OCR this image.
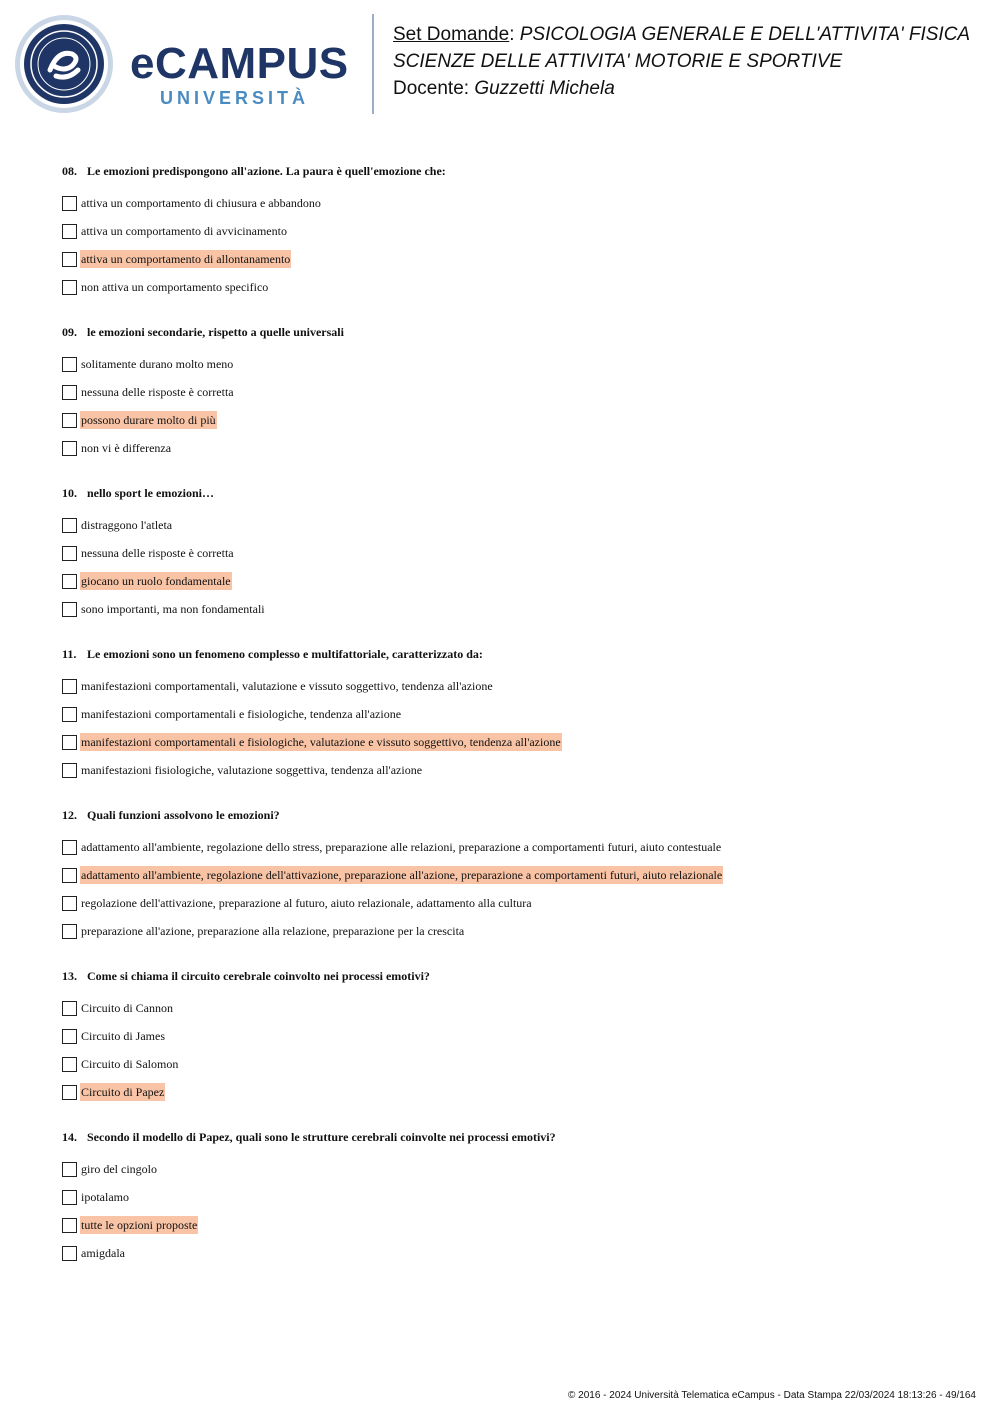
eCAMPUS
UNIVERSITÀ
Set Domande: PSICOLOGIA GENERALE E DELL'ATTIVITA' FISICA
SCIENZE DELLE ATTIVITA' MOTORIE E SPORTIVE
Docente: Guzzetti Michela
08. Le emozioni predispongono all'azione. La paura è quell'emozione che:
attiva un comportamento di chiusura e abbandono
attiva un comportamento di avvicinamento
attiva un comportamento di allontanamento
non attiva un comportamento specifico
09. le emozioni secondarie, rispetto a quelle universali
solitamente durano molto meno
nessuna delle risposte è corretta
possono durare molto di più
non vi è differenza
10. nello sport le emozioni…
distraggono l'atleta
nessuna delle risposte è corretta
giocano un ruolo fondamentale
sono importanti, ma non fondamentali
11. Le emozioni sono un fenomeno complesso e multifattoriale, caratterizzato da:
manifestazioni comportamentali, valutazione e vissuto soggettivo, tendenza all'azione
manifestazioni comportamentali e fisiologiche, tendenza all'azione
manifestazioni comportamentali e fisiologiche, valutazione e vissuto soggettivo, tendenza all'azione
manifestazioni fisiologiche, valutazione soggettiva, tendenza all'azione
12. Quali funzioni assolvono le emozioni?
adattamento all'ambiente, regolazione dello stress, preparazione alle relazioni, preparazione a comportamenti futuri, aiuto contestuale
adattamento all'ambiente, regolazione dell'attivazione, preparazione all'azione, preparazione a comportamenti futuri, aiuto relazionale
regolazione dell'attivazione, preparazione al futuro, aiuto relazionale, adattamento alla cultura
preparazione all'azione, preparazione alla relazione, preparazione per la crescita
13. Come si chiama il circuito cerebrale coinvolto nei processi emotivi?
Circuito di Cannon
Circuito di James
Circuito di Salomon
Circuito di Papez
14. Secondo il modello di Papez, quali sono le strutture cerebrali coinvolte nei processi emotivi?
giro del cingolo
ipotalamo
tutte le opzioni proposte
amigdala
© 2016 - 2024 Università Telematica eCampus - Data Stampa 22/03/2024 18:13:26 - 49/164
